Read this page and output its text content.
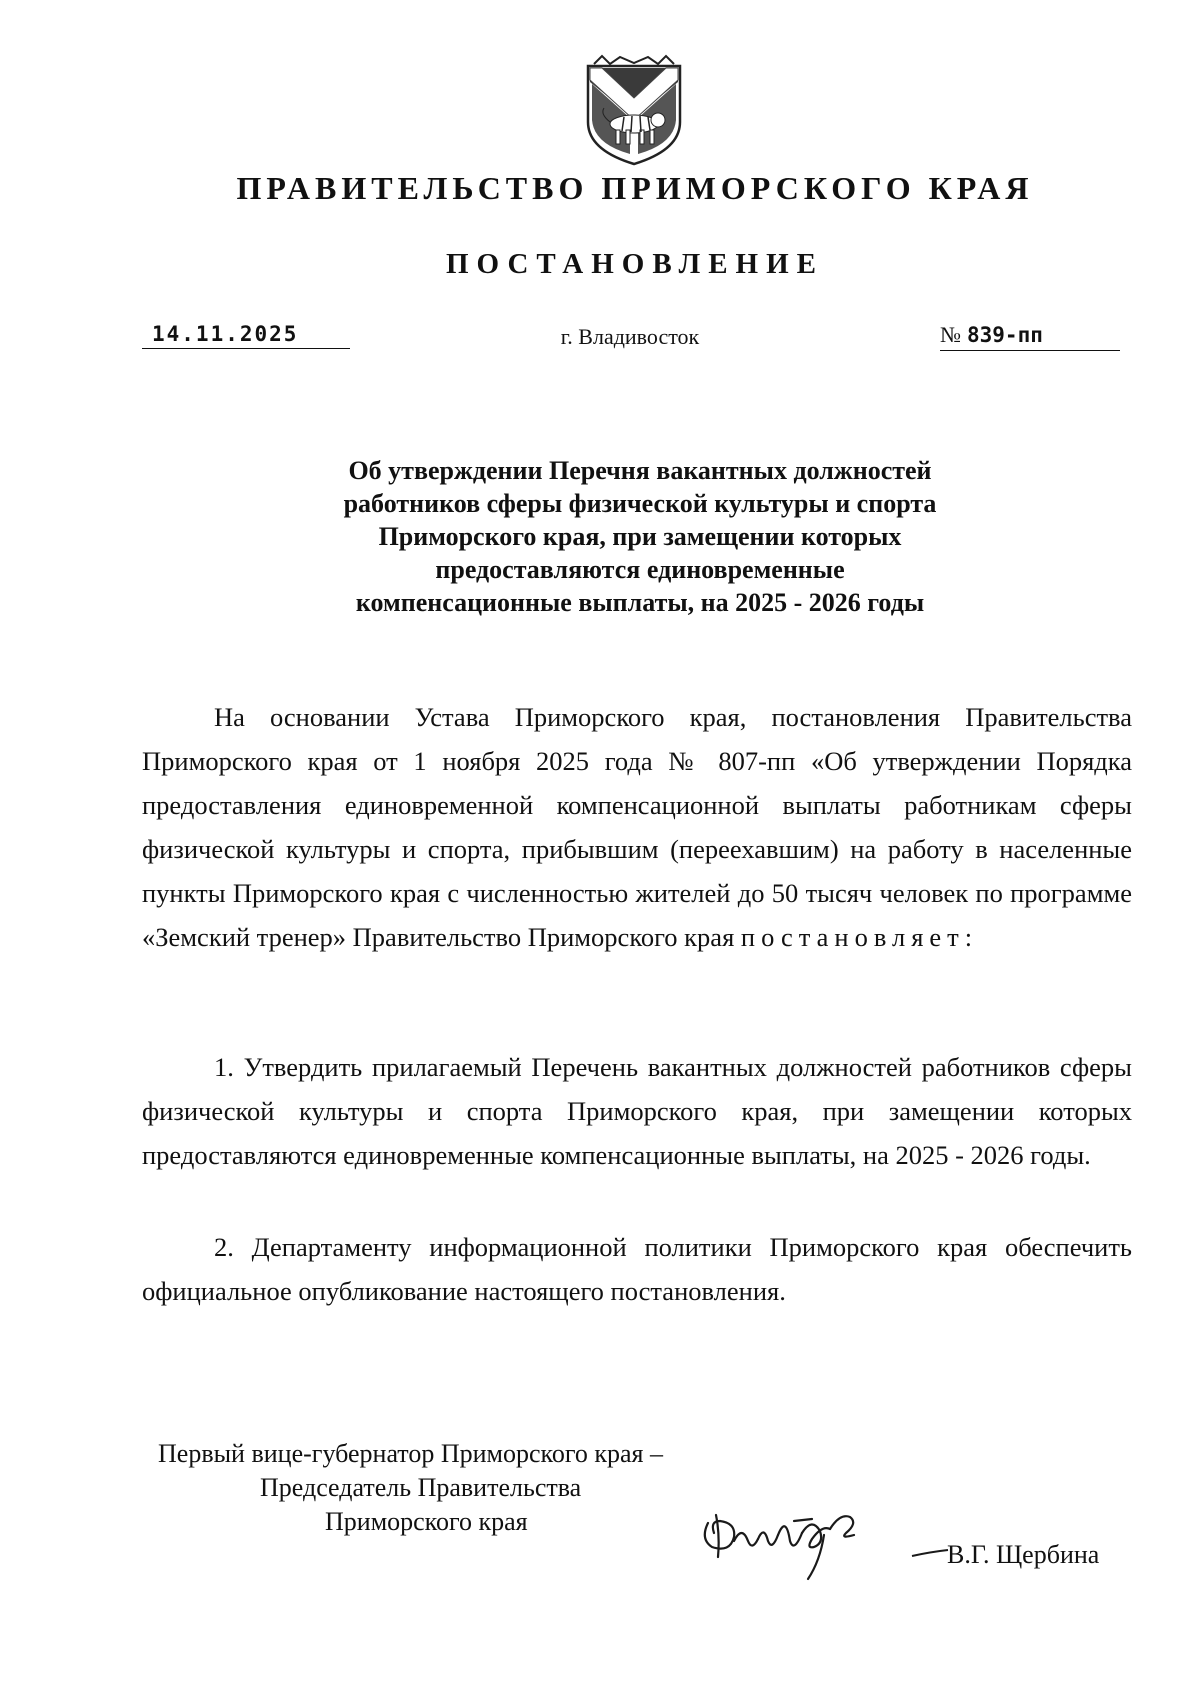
ПРАВИТЕЛЬСТВО ПРИМОРСКОГО КРАЯ
ПОСТАНОВЛЕНИЕ
14.11.2025	г. Владивосток	№ 839-пп
Об утверждении Перечня вакантных должностей
работников сферы физической культуры и спорта
Приморского края, при замещении которых
предоставляются единовременные
компенсационные выплаты, на 2025 - 2026 годы

На основании Устава Приморского края, постановления Правительства Приморского края от 1 ноября 2025 года № 807-пп «Об утверждении Порядка предоставления единовременной компенсационной выплаты работникам сферы физической культуры и спорта, прибывшим (переехавшим) на работу в населенные пункты Приморского края с численностью жителей до 50 тысяч человек по программе «Земский тренер» Правительство Приморского края постановляет:

1. Утвердить прилагаемый Перечень вакантных должностей работников сферы физической культуры и спорта Приморского края, при замещении которых предоставляются единовременные компенсационные выплаты, на 2025 - 2026 годы.

2. Департаменту информационной политики Приморского края обеспечить официальное опубликование настоящего постановления.

Первый вице-губернатор Приморского края –
Председатель Правительства
Приморского края
В.Г. Щербина
